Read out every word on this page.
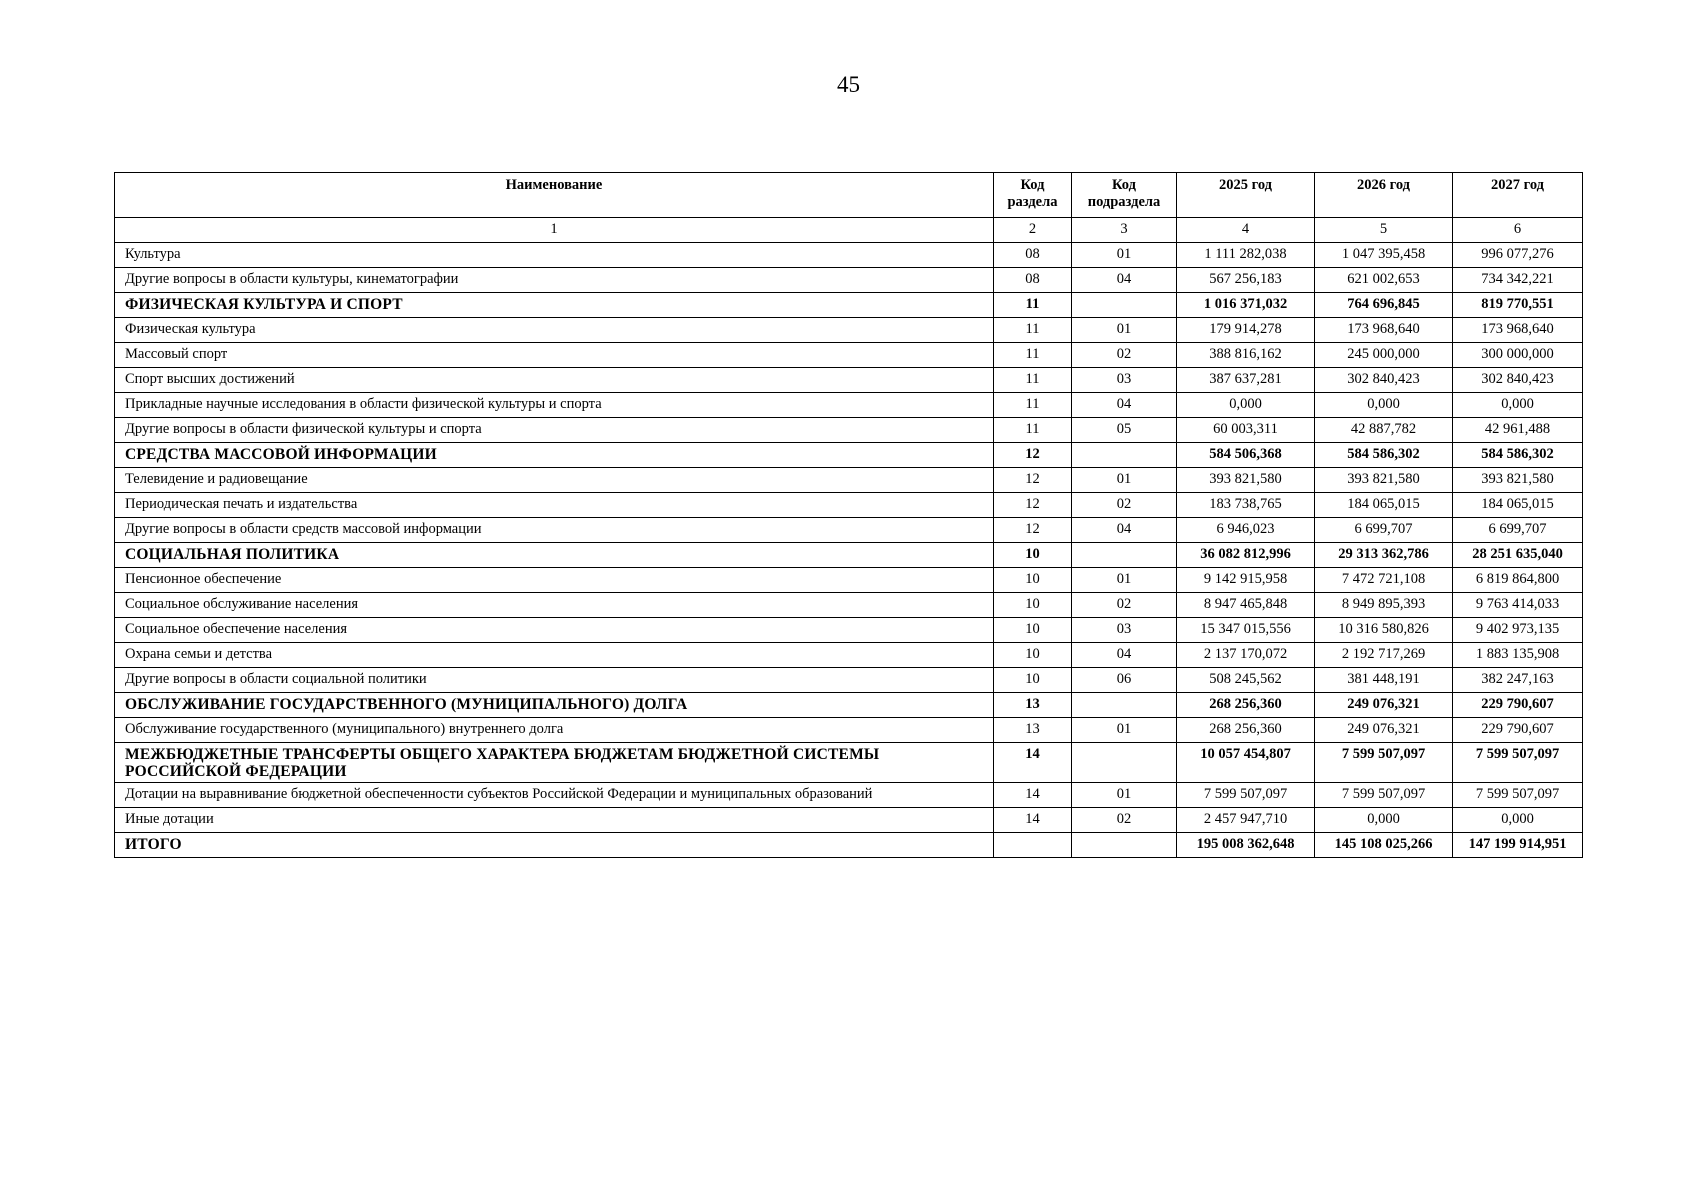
45
Наименование	Код раздела	Код подраздела	2025 год	2026 год	2027 год
1	2	3	4	5	6
Культура	08	01	1 111 282,038	1 047 395,458	996 077,276
Другие вопросы в области культуры, кинематографии	08	04	567 256,183	621 002,653	734 342,221
ФИЗИЧЕСКАЯ КУЛЬТУРА И СПОРТ	11		1 016 371,032	764 696,845	819 770,551
Физическая культура	11	01	179 914,278	173 968,640	173 968,640
Массовый спорт	11	02	388 816,162	245 000,000	300 000,000
Спорт высших достижений	11	03	387 637,281	302 840,423	302 840,423
Прикладные научные исследования в области физической культуры и спорта	11	04	0,000	0,000	0,000
Другие вопросы в области физической культуры и спорта	11	05	60 003,311	42 887,782	42 961,488
СРЕДСТВА МАССОВОЙ ИНФОРМАЦИИ	12		584 506,368	584 586,302	584 586,302
Телевидение и радиовещание	12	01	393 821,580	393 821,580	393 821,580
Периодическая печать и издательства	12	02	183 738,765	184 065,015	184 065,015
Другие вопросы в области средств массовой информации	12	04	6 946,023	6 699,707	6 699,707
СОЦИАЛЬНАЯ ПОЛИТИКА	10		36 082 812,996	29 313 362,786	28 251 635,040
Пенсионное обеспечение	10	01	9 142 915,958	7 472 721,108	6 819 864,800
Социальное обслуживание населения	10	02	8 947 465,848	8 949 895,393	9 763 414,033
Социальное обеспечение населения	10	03	15 347 015,556	10 316 580,826	9 402 973,135
Охрана семьи и детства	10	04	2 137 170,072	2 192 717,269	1 883 135,908
Другие вопросы в области социальной политики	10	06	508 245,562	381 448,191	382 247,163
ОБСЛУЖИВАНИЕ ГОСУДАРСТВЕННОГО (МУНИЦИПАЛЬНОГО) ДОЛГА	13		268 256,360	249 076,321	229 790,607
Обслуживание государственного (муниципального) внутреннего долга	13	01	268 256,360	249 076,321	229 790,607
МЕЖБЮДЖЕТНЫЕ ТРАНСФЕРТЫ ОБЩЕГО ХАРАКТЕРА БЮДЖЕТАМ БЮДЖЕТНОЙ СИСТЕМЫ РОССИЙСКОЙ ФЕДЕРАЦИИ	14		10 057 454,807	7 599 507,097	7 599 507,097
Дотации на выравнивание бюджетной обеспеченности субъектов Российской Федерации и муниципальных образований	14	01	7 599 507,097	7 599 507,097	7 599 507,097
Иные дотации	14	02	2 457 947,710	0,000	0,000
ИТОГО			195 008 362,648	145 108 025,266	147 199 914,951
